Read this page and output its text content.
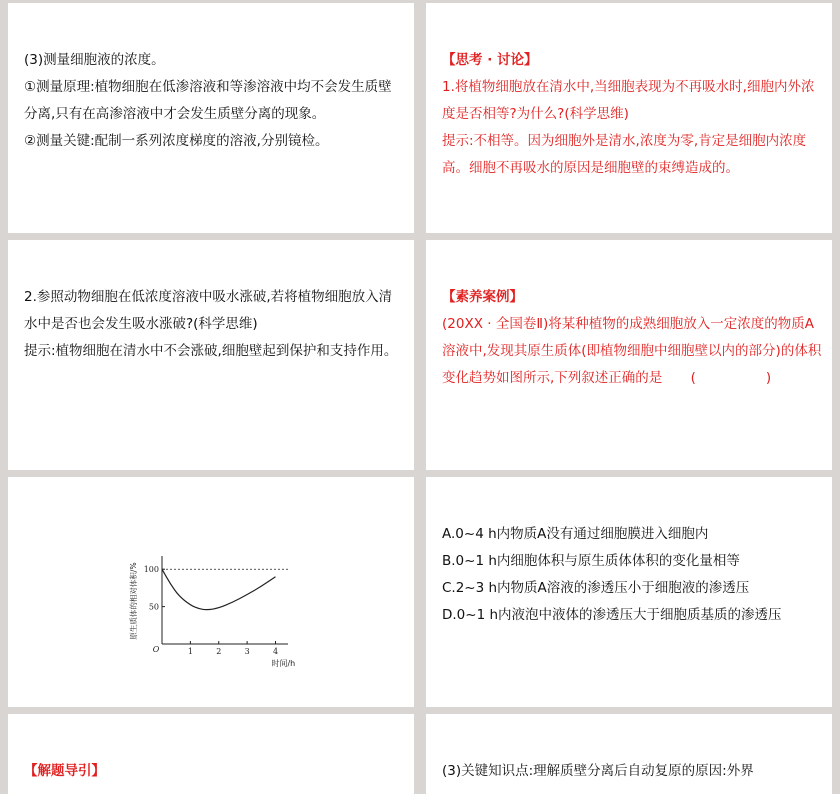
(3)测量细胞液的浓度。

①测量原理:植物细胞在低渗溶液和等渗溶液中均不会发生质壁分离,只有在高渗溶液中才会发生质壁分离的现象。

②测量关键:配制一系列浓度梯度的溶液,分别镜检。

【思考 · 讨论】

1.将植物细胞放在清水中,当细胞表现为不再吸水时,细胞内外浓度是否相等?为什么?(科学思维)

提示:不相等。因为细胞外是清水,浓度为零,肯定是细胞内浓度高。细胞不再吸水的原因是细胞壁的束缚造成的。

2.参照动物细胞在低浓度溶液中吸水涨破,若将植物细胞放入清水中是否也会发生吸水涨破?(科学思维)

提示:植物细胞在清水中不会涨破,细胞壁起到保护和支持作用。

【素养案例】

(20XX · 全国卷Ⅱ)将某种植物的成熟细胞放入一定浓度的物质A溶液中,发现其原生质体(即植物细胞中细胞壁以内的部分)的体积变化趋势如图所示,下列叙述正确的是 (	)

50
100
1	2	3	4
O
时间/h
原生质体的相对体积/%

A.0~4 h内物质A没有通过细胞膜进入细胞内

B.0~1 h内细胞体积与原生质体体积的变化量相等

C.2~3 h内物质A溶液的渗透压小于细胞液的渗透压

D.0~1 h内液泡中液体的渗透压大于细胞质基质的渗透压

【解题导引】	(3)关键知识点:理解质壁分离后自动复原的原因:外界
